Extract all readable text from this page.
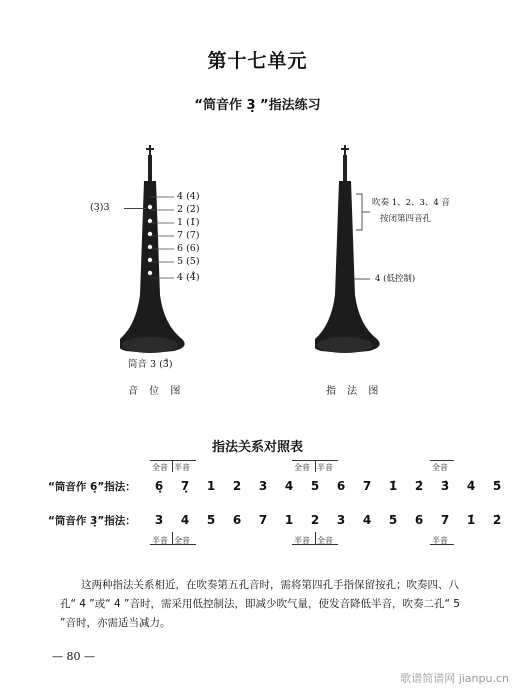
第十七单元
“筒音作 3̣ ”指法练习
(3̣)3
4 (4̇)
2 (2̇)
1 (1̇)
7 (7)
6 (6)
5 (5)
4 (4̊)
筒音 3 (3̊)
音 位 图
吹奏 1、2、3、4 音
按闭第四音孔
4 (低控制)
指 法 图
指法关系对照表
“筒音作 6̣”指法：	6̣	7̣	1	2	3	4	5	6	7	1̇	2̇	3̇	4̇	5̇
全音 半音	全音 半音	全音
“筒音作 3̣”指法：	3	4	5	6	7	1	2	3	4	5	6	7	1̇	2̇
半音 全音	半音 全音	半音
这两种指法关系相近，在吹奏第五孔音时，需将第四孔手指保留按孔；吹奏四、八孔“ 4 ”或“ 4̇ ”音时，需采用低控制法，即减少吹气量，使发音降低半音，吹奏二孔“ 5 ”音时，亦需适当减力。
— 80 —
歌谱简谱网 jianpu.cn
